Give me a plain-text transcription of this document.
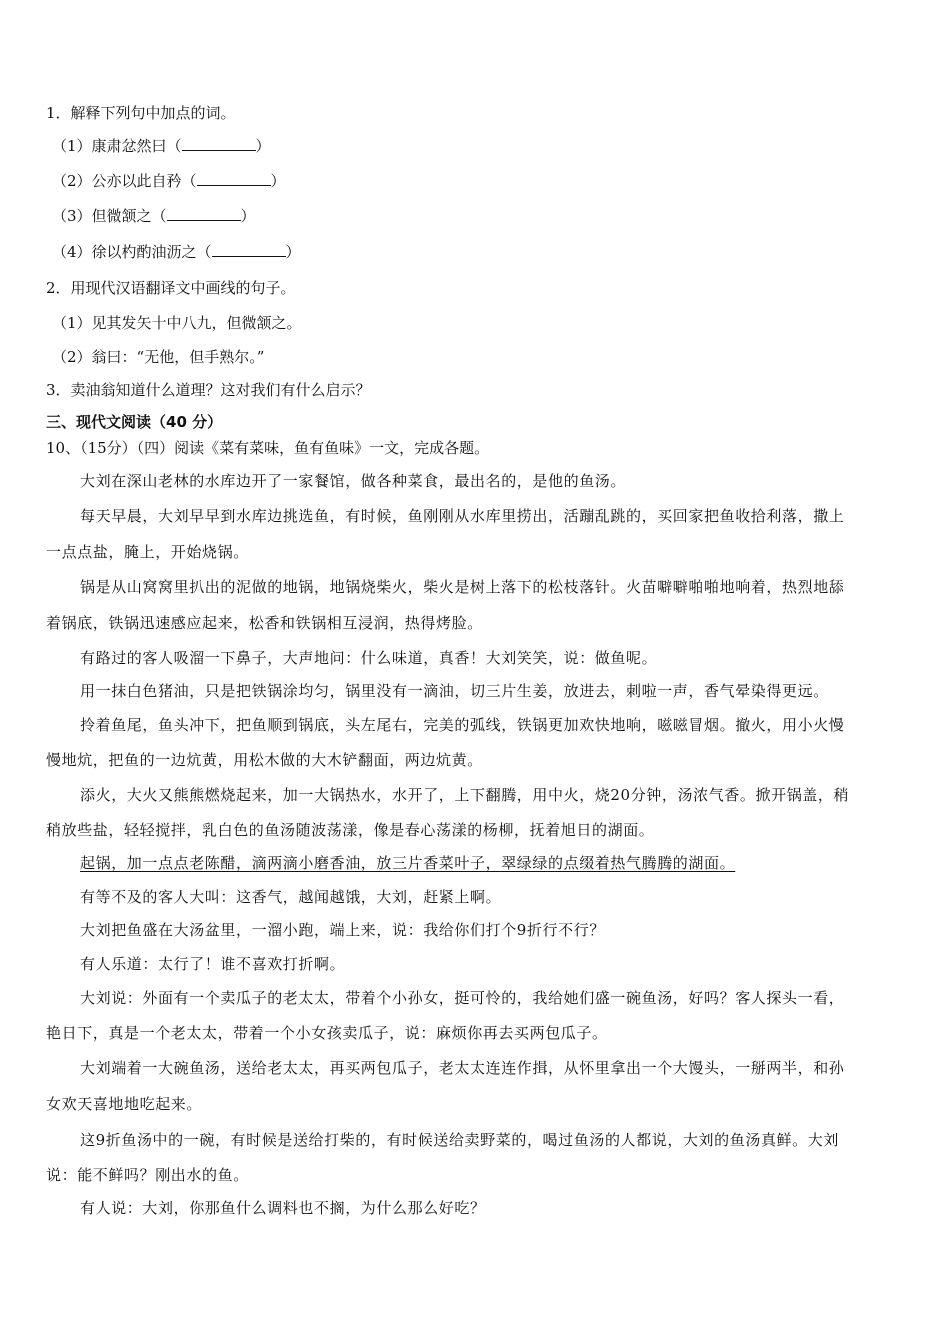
1．解释下列句中加点的词。
（1）康肃忿然曰（	）
（2）公亦以此自矜（	）
（3）但微颔之（	）
（4）徐以杓酌油沥之（	）
2．用现代汉语翻译文中画线的句子。
（1）见其发矢十中八九，但微颔之。
（2）翁曰：“无他，但手熟尔。”
3．卖油翁知道什么道理？这对我们有什么启示？
三、现代文阅读（40 分）
10、（15分）（四）阅读《菜有菜味，鱼有鱼味》一文，完成各题。
大刘在深山老林的水库边开了一家餐馆，做各种菜食，最出名的，是他的鱼汤。
每天早晨，大刘早早到水库边挑选鱼，有时候，鱼刚刚从水库里捞出，活蹦乱跳的，买回家把鱼收拾利落，撒上
一点点盐，腌上，开始烧锅。
锅是从山窝窝里扒出的泥做的地锅，地锅烧柴火，柴火是树上落下的松枝落针。火苗噼噼啪啪地响着，热烈地舔
着锅底，铁锅迅速感应起来，松香和铁锅相互浸润，热得烤脸。
有路过的客人吸溜一下鼻子，大声地问：什么味道，真香！大刘笑笑，说：做鱼呢。
用一抹白色猪油，只是把铁锅涂均匀，锅里没有一滴油，切三片生姜，放进去，刺啦一声，香气晕染得更远。
拎着鱼尾，鱼头冲下，把鱼顺到锅底，头左尾右，完美的弧线，铁锅更加欢快地响，嗞嗞冒烟。撤火，用小火慢
慢地炕，把鱼的一边炕黄，用松木做的大木铲翻面，两边炕黄。
添火，大火又熊熊燃烧起来，加一大锅热水，水开了，上下翻腾，用中火，烧20分钟，汤浓气香。掀开锅盖，稍
稍放些盐，轻轻搅拌，乳白色的鱼汤随波荡漾，像是春心荡漾的杨柳，抚着旭日的湖面。
起锅，加一点点老陈醋，滴两滴小磨香油，放三片香菜叶子，翠绿绿的点缀着热气腾腾的湖面。
有等不及的客人大叫：这香气，越闻越饿，大刘，赶紧上啊。
大刘把鱼盛在大汤盆里，一溜小跑，端上来，说：我给你们打个9折行不行？
有人乐道：太行了！谁不喜欢打折啊。
大刘说：外面有一个卖瓜子的老太太，带着个小孙女，挺可怜的，我给她们盛一碗鱼汤，好吗？客人探头一看，
艳日下，真是一个老太太，带着一个小女孩卖瓜子，说：麻烦你再去买两包瓜子。
大刘端着一大碗鱼汤，送给老太太，再买两包瓜子，老太太连连作揖，从怀里拿出一个大馒头，一掰两半，和孙
女欢天喜地地吃起来。
这9折鱼汤中的一碗，有时候是送给打柴的，有时候送给卖野菜的，喝过鱼汤的人都说，大刘的鱼汤真鲜。大刘
说：能不鲜吗？刚出水的鱼。
有人说：大刘，你那鱼什么调料也不搁，为什么那么好吃？
